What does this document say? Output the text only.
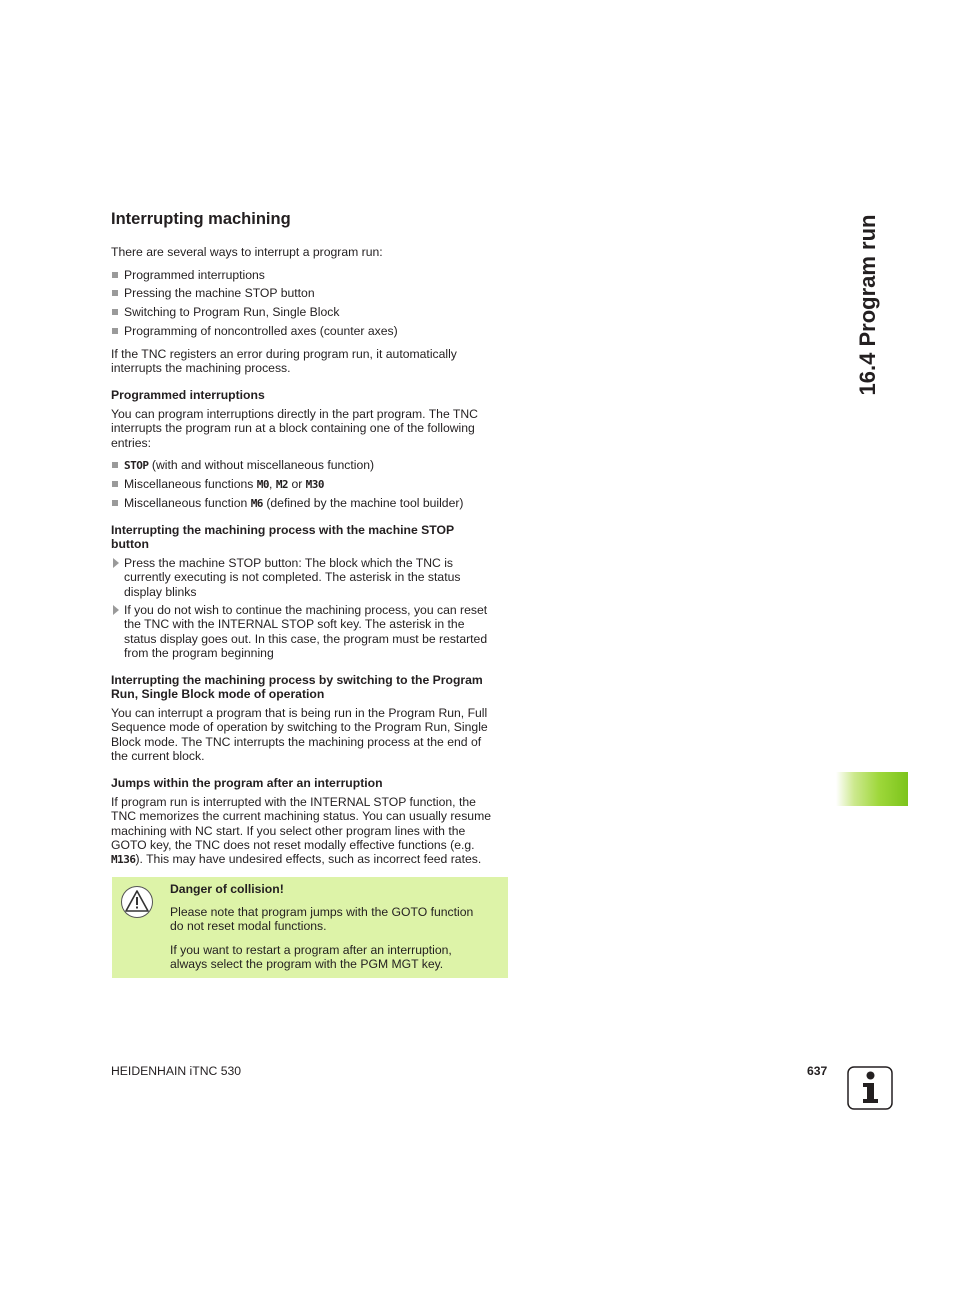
16.4 Program run
Interrupting machining

There are several ways to interrupt a program run:

Programmed interruptions
Pressing the machine STOP button
Switching to Program Run, Single Block
Programming of noncontrolled axes (counter axes)

If the TNC registers an error during program run, it automatically
interrupts the machining process.

Programmed interruptions

You can program interruptions directly in the part program. The TNC
interrupts the program run at a block containing one of the following
entries:

STOP (with and without miscellaneous function)
Miscellaneous functions M0, M2 or M30
Miscellaneous function M6 (defined by the machine tool builder)
Interrupting the machining process with the machine STOP
button
Press the machine STOP button: The block which the TNC is
currently executing is not completed. The asterisk in the status
display blinks
If you do not wish to continue the machining process, you can reset
the TNC with the INTERNAL STOP soft key. The asterisk in the
status display goes out. In this case, the program must be restarted
from the program beginning
Interrupting the machining process by switching to the Program
Run, Single Block mode of operation

You can interrupt a program that is being run in the Program Run, Full
Sequence mode of operation by switching to the Program Run, Single
Block mode. The TNC interrupts the machining process at the end of
the current block.

Jumps within the program after an interruption

If program run is interrupted with the INTERNAL STOP function, the
TNC memorizes the current machining status. You can usually resume
machining with NC start. If you select other program lines with the
GOTO key, the TNC does not reset modally effective functions (e.g.
M136). This may have undesired effects, such as incorrect feed rates.

Danger of collision!
Please note that program jumps with the GOTO function
do not reset modal functions.
If you want to restart a program after an interruption,
always select the program with the PGM MGT key.
HEIDENHAIN iTNC 530	637
